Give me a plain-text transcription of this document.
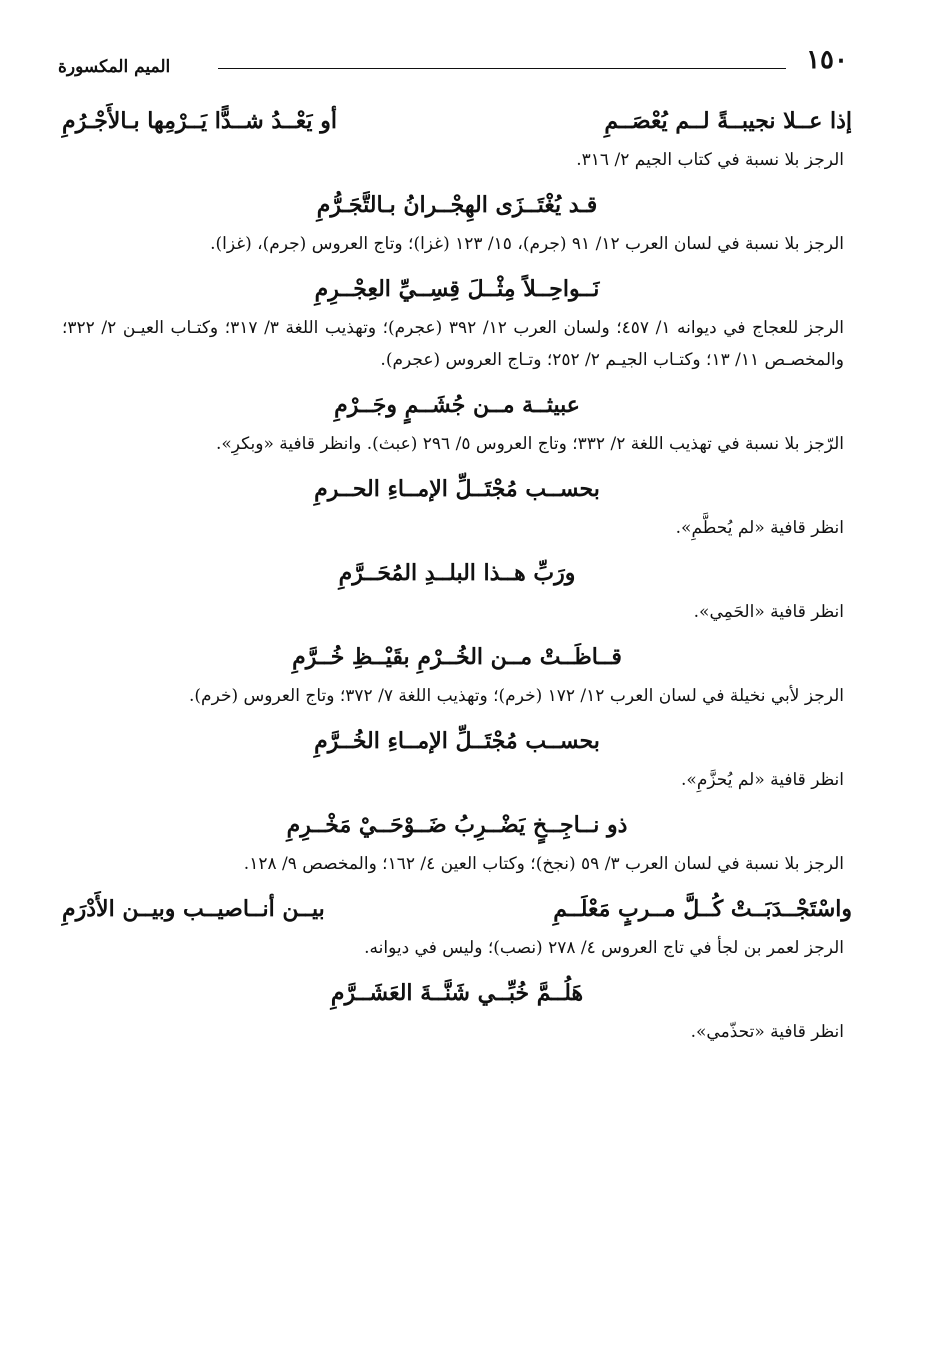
١٥٠
الميم المكسورة
إذا عــلا نجيبــةً لــم يُعْصَــمِ
أو يَعْــدُ شــدًّا يَــرْمِها بـالأَجْـرُمِ
الرجز بلا نسبة في كتاب الجيم ٢/ ٣١٦.
قـد يُغْتَــزَى الهِجْــرانُ بـالتَّجَـرُّمِ
الرجز بلا نسبة في لسان العرب ١٢/ ٩١ (جرم)، ١٥/ ١٢٣ (غزا)؛ وتاج العروس (جرم)، (غزا).
نَــواحِــلاً مِثْــلَ قِسِــيِّ العِجْــرِمِ
الرجز للعجاج في ديوانه ١/ ٤٥٧؛ ولسان العرب ١٢/ ٣٩٢ (عجرم)؛ وتهذيب اللغة ٣/ ٣١٧؛ وكتـاب العيـن ٢/ ٣٢٢؛ والمخصـص ١١/ ١٣؛ وكتـاب الجيـم ٢/ ٢٥٢؛ وتـاج العروس (عجرم).
عبيثــة مــن جُشَــمٍ وجَــرْمِ
الرّجز بلا نسبة في تهذيب اللغة ٢/ ٣٣٢؛ وتاج العروس ٥/ ٢٩٦ (عبث). وانظر قافية «وبكرِ».
بحســب مُجْتَــلِّ الإمــاءِ الحــرمِ
انظر قافية «لم يُحطَّمِ».
ورَبِّ هــذا البلــدِ المُحَــرَّمِ
انظر قافية «الحَمِي».
قــاظَــتْ مــن الخُــرْمِ بقَيْــظِ خُــرَّمِ
الرجز لأبي نخيلة في لسان العرب ١٢/ ١٧٢ (خرم)؛ وتهذيب اللغة ٧/ ٣٧٢؛ وتاج العروس (خرم).
بحســب مُجْتَــلِّ الإمــاءِ الخُــرَّمِ
انظر قافية «لم يُحزَّمِ».
ذو نــاجِــخٍ يَضْــرِبُ ضَــوْحَــيْ مَخْــرِمِ
الرجز بلا نسبة في لسان العرب ٣/ ٥٩ (نجخ)؛ وكتاب العين ٤/ ١٦٢؛ والمخصص ٩/ ١٢٨.
واسْتَجْــدَبَــتْ كُــلَّ مــربٍ مَعْلَــمِ
بيــن أنــاصيــب وبيــن الأَدْرَمِ
الرجز لعمر بن لجأ في تاج العروس ٤/ ٢٧٨ (نصب)؛ وليس في ديوانه.
هَلُــمَّ خُبِّــي شَنَّــةَ العَشَــرَّمِ
انظر قافية «تحذّمي».
